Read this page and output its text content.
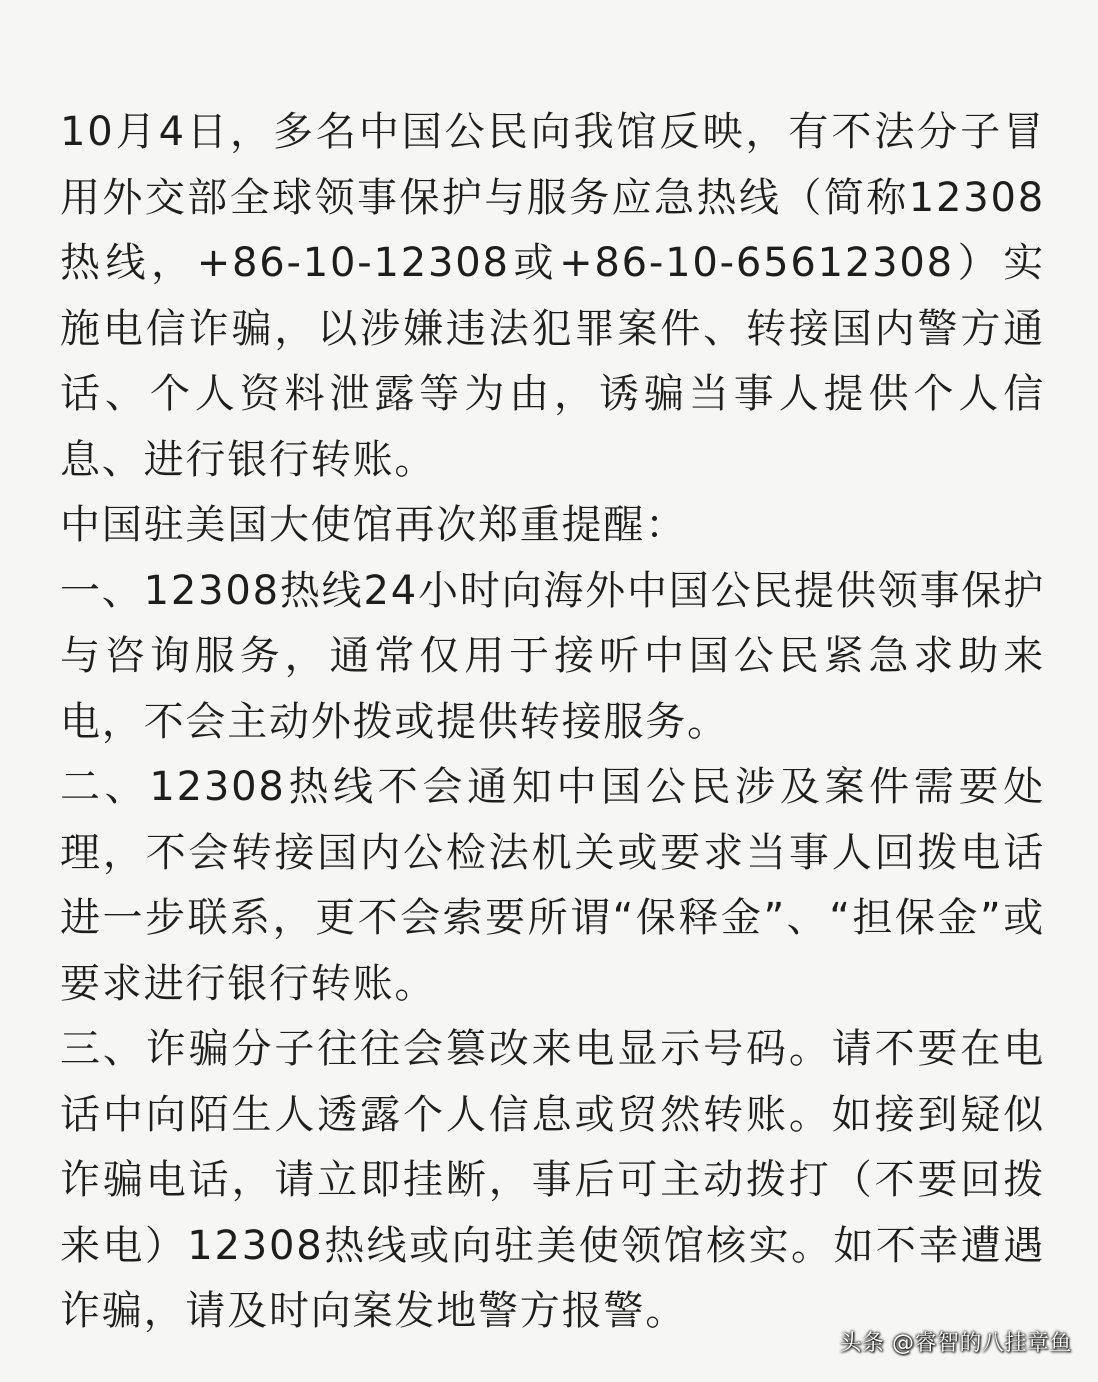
10月4日，多名中国公民向我馆反映，有不法分子冒用外交部全球领事保护与服务应急热线（简称12308热线，+86-10-12308或+86-10-65612308）实施电信诈骗，以涉嫌违法犯罪案件、转接国内警方通话、个人资料泄露等为由，诱骗当事人提供个人信息、进行银行转账。

中国驻美国大使馆再次郑重提醒：

一、12308热线24小时向海外中国公民提供领事保护与咨询服务，通常仅用于接听中国公民紧急求助来电，不会主动外拨或提供转接服务。

二、12308热线不会通知中国公民涉及案件需要处理，不会转接国内公检法机关或要求当事人回拨电话进一步联系，更不会索要所谓“保释金”、“担保金”或要求进行银行转账。

三、诈骗分子往往会篡改来电显示号码。请不要在电话中向陌生人透露个人信息或贸然转账。如接到疑似诈骗电话，请立即挂断，事后可主动拨打（不要回拨来电）12308热线或向驻美使领馆核实。如不幸遭遇诈骗，请及时向案发地警方报警。

头条 @睿智的八挂章鱼
